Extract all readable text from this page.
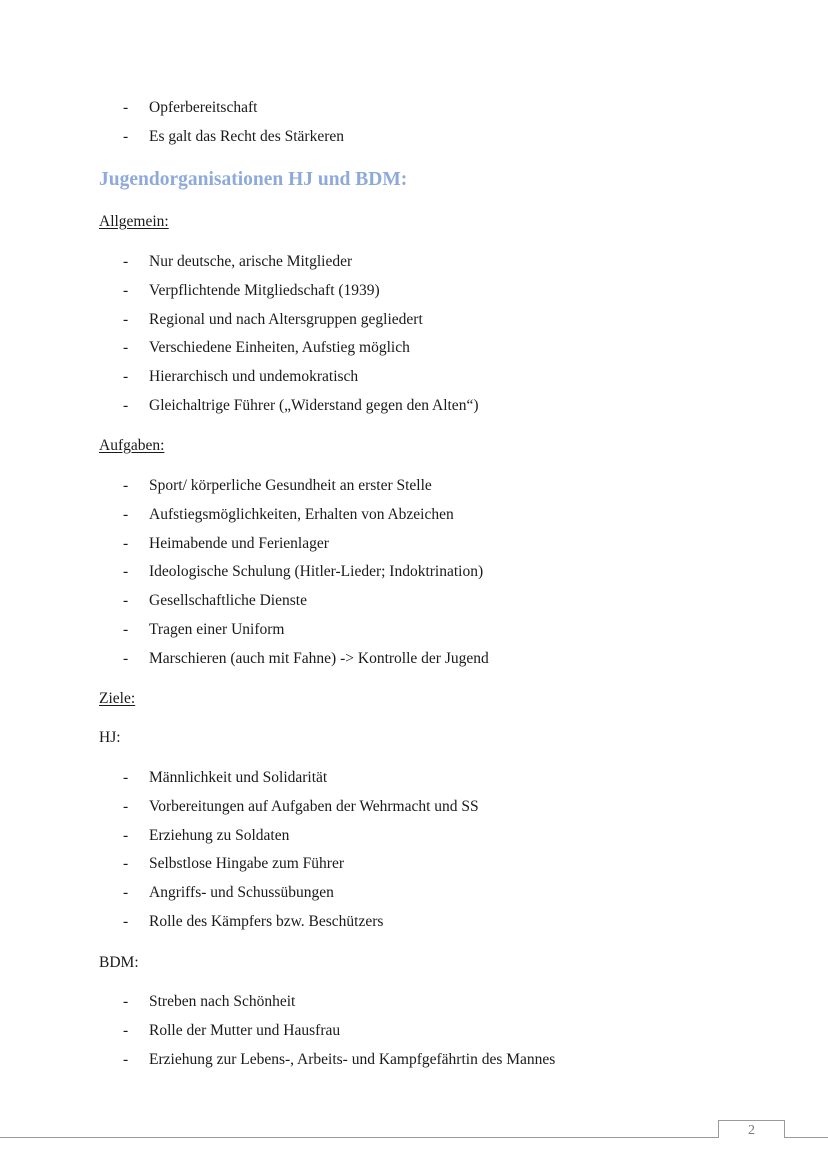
- Opferbereitschaft
- Es galt das Recht des Stärkeren
Jugendorganisationen HJ und BDM:

Allgemein:

- Nur deutsche, arische Mitglieder
- Verpflichtende Mitgliedschaft (1939)
- Regional und nach Altersgruppen gegliedert
- Verschiedene Einheiten, Aufstieg möglich
- Hierarchisch und undemokratisch
- Gleichaltrige Führer („Widerstand gegen den Alten“)

Aufgaben:

- Sport/ körperliche Gesundheit an erster Stelle
- Aufstiegsmöglichkeiten, Erhalten von Abzeichen
- Heimabende und Ferienlager
- Ideologische Schulung (Hitler-Lieder; Indoktrination)
- Gesellschaftliche Dienste
- Tragen einer Uniform
- Marschieren (auch mit Fahne) -> Kontrolle der Jugend

Ziele:

HJ:

- Männlichkeit und Solidarität
- Vorbereitungen auf Aufgaben der Wehrmacht und SS
- Erziehung zu Soldaten
- Selbstlose Hingabe zum Führer
- Angriffs- und Schussübungen
- Rolle des Kämpfers bzw. Beschützers

BDM:

- Streben nach Schönheit
- Rolle der Mutter und Hausfrau
- Erziehung zur Lebens-, Arbeits- und Kampfgefährtin des Mannes
2
